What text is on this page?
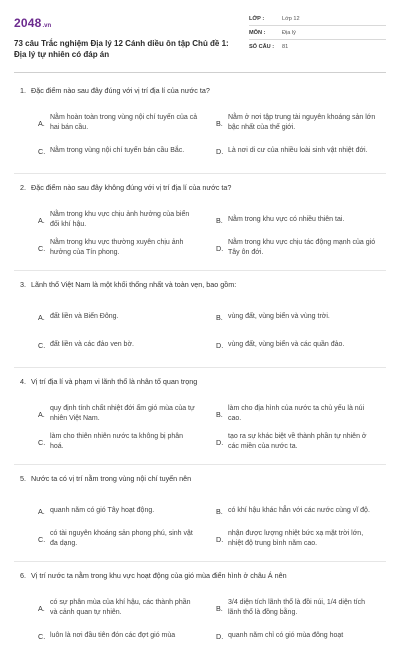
2048 .vn
73 câu Trắc nghiệm Địa lý 12 Cánh diều ôn tập Chủ đề 1:
Địa lý tự nhiên có đáp án
LỚP :	Lớp 12
MÔN :	Địa lý
SỐ CÂU :	81
1. Đặc điểm nào sau đây đúng với vị trí địa lí của nước ta?
A.
Nằm hoàn toàn trong vùng nội chí tuyến của cả hai bán cầu.	B.
Nằm ở nơi tập trung tài nguyên khoáng sản lớn bậc nhất của thế giới.
C. Nằm trong vùng nội chí tuyến bán cầu Bắc.	D. Là nơi di cư của nhiều loài sinh vật nhiệt đới.
2. Đặc điểm nào sau đây không đúng với vị trí địa lí của nước ta?
A.
Nằm trong khu vực chịu ảnh hưởng của biển đối khí hậu.	B. Nằm trong khu vực có nhiều thiên tai.
C.
Nằm trong khu vực thường xuyên chịu ảnh hưởng của Tín phong.	D.
Nằm trong khu vực chịu tác động mạnh của gió Tây ôn đới.
3. Lãnh thổ Việt Nam là một khối thống nhất và toàn vẹn, bao gồm:
A. đất liền và Biển Đông.	B. vùng đất, vùng biển và vùng trời.
C. đất liền và các đảo ven bờ.	D. vùng đất, vùng biển và các quần đảo.
4. Vị trí địa lí và phạm vi lãnh thổ là nhân tố quan trọng
A.
quy định tính chất nhiệt đới ẩm gió mùa của tự nhiên Việt Nam.	B.
làm cho địa hình của nước ta chủ yếu là núi cao.
C.
làm cho thiên nhiên nước ta không bị phân hoá.	D.
tạo ra sự khác biệt về thành phần tự nhiên ở các miền của nước ta.
5. Nước ta có vị trí nằm trong vùng nội chí tuyến nên
A. quanh năm có gió Tây hoạt động.	B. có khí hậu khác hẳn với các nước cùng vĩ độ.
C.
có tài nguyên khoáng sản phong phú, sinh vật đa dạng.	D.
nhận được lượng nhiệt bức xạ mặt trời lớn, nhiệt độ trung bình năm cao.
6. Vị trí nước ta nằm trong khu vực hoạt động của gió mùa điển hình ở châu Á nên
A.
có sự phân mùa của khí hậu, các thành phần và cảnh quan tự nhiên.	B.
3/4 diện tích lãnh thổ là đồi núi, 1/4 diện tích lãnh thổ là đồng bằng.
C. luôn là nơi đầu tiên đón các đợt gió mùa	D. quanh năm chỉ có gió mùa đông hoạt
